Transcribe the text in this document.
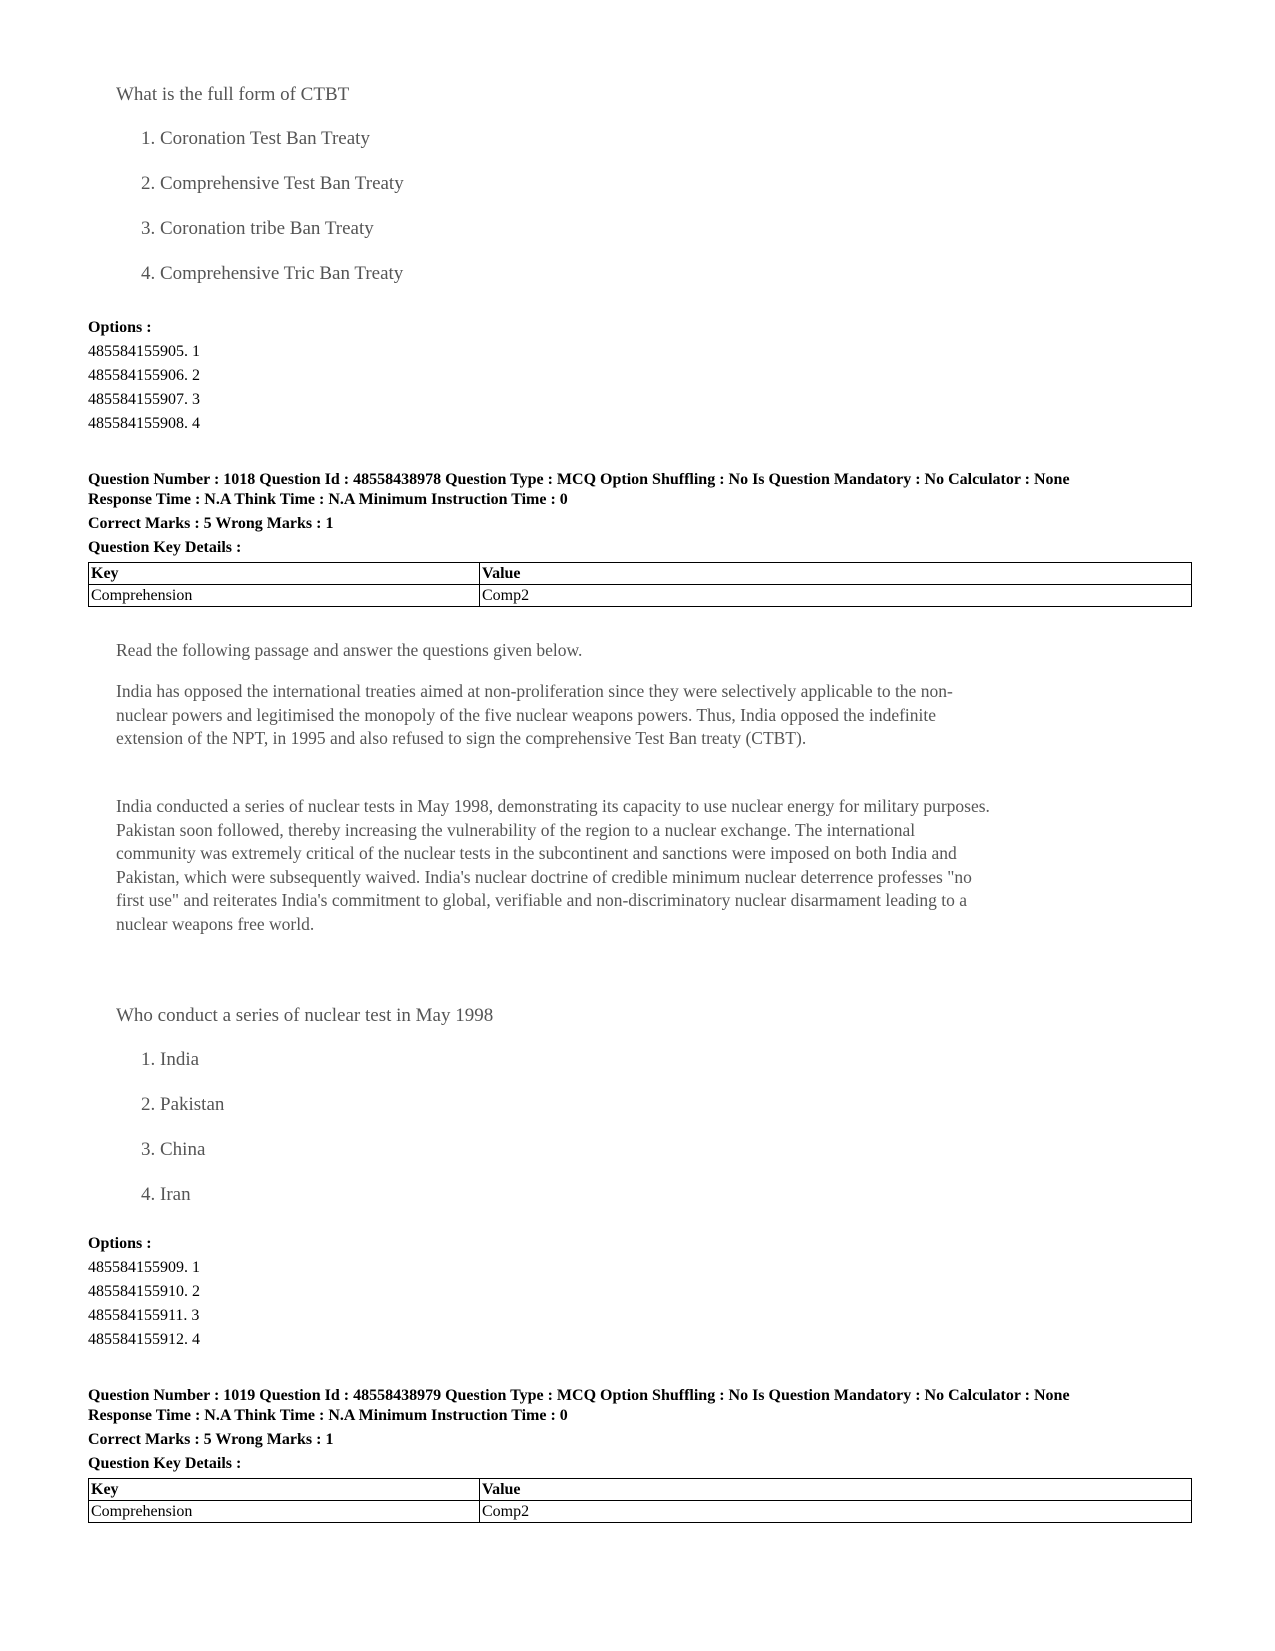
What is the full form of CTBT
1. Coronation Test Ban Treaty
2. Comprehensive Test Ban Treaty
3. Coronation tribe Ban Treaty
4. Comprehensive Tric Ban Treaty
Options :
485584155905. 1
485584155906. 2
485584155907. 3
485584155908. 4
Question Number : 1018 Question Id : 48558438978 Question Type : MCQ Option Shuffling : No Is Question Mandatory : No Calculator : None
Response Time : N.A Think Time : N.A Minimum Instruction Time : 0
Correct Marks : 5 Wrong Marks : 1
Question Key Details :
Key	Value
Comprehension	Comp2
Read the following passage and answer the questions given below.
India has opposed the international treaties aimed at non-proliferation since they were selectively applicable to the non-nuclear powers and legitimised the monopoly of the five nuclear weapons powers. Thus, India opposed the indefinite extension of the NPT, in 1995 and also refused to sign the comprehensive Test Ban treaty (CTBT).
India conducted a series of nuclear tests in May 1998, demonstrating its capacity to use nuclear energy for military purposes. Pakistan soon followed, thereby increasing the vulnerability of the region to a nuclear exchange. The international community was extremely critical of the nuclear tests in the subcontinent and sanctions were imposed on both India and Pakistan, which were subsequently waived. India's nuclear doctrine of credible minimum nuclear deterrence professes "no first use" and reiterates India's commitment to global, verifiable and non-discriminatory nuclear disarmament leading to a nuclear weapons free world.
Who conduct a series of nuclear test in May 1998
1. India
2. Pakistan
3. China
4. Iran
Options :
485584155909. 1
485584155910. 2
485584155911. 3
485584155912. 4
Question Number : 1019 Question Id : 48558438979 Question Type : MCQ Option Shuffling : No Is Question Mandatory : No Calculator : None
Response Time : N.A Think Time : N.A Minimum Instruction Time : 0
Correct Marks : 5 Wrong Marks : 1
Question Key Details :
Key	Value
Comprehension	Comp2
